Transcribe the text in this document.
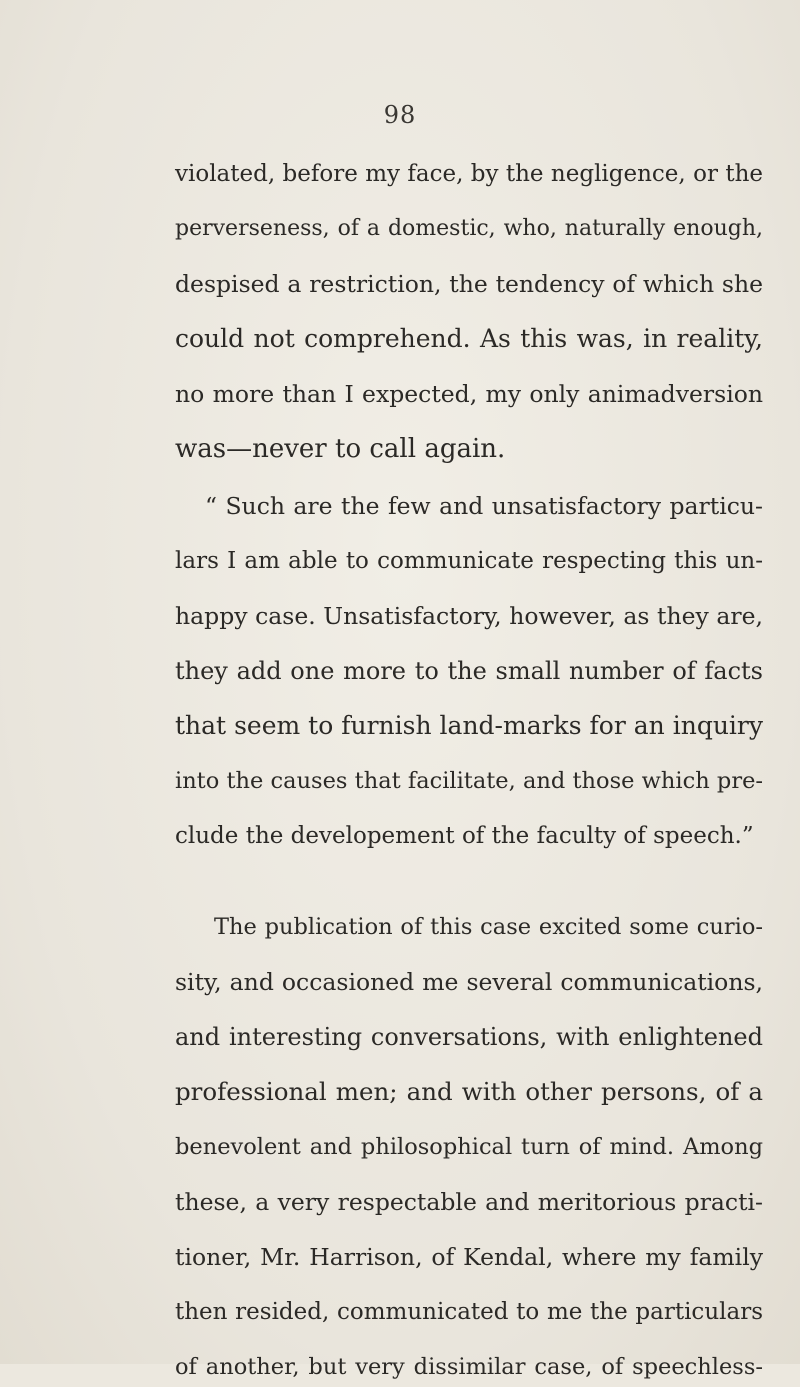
98
violated, before my face, by the negligence, or the
perverseness, of a domestic, who, naturally enough,
despised a restriction, the tendency of which she
could not comprehend. As this was, in reality,
no more than I expected, my only animadversion
was—never to call again.
“ Such are the few and unsatisfactory particu-
lars I am able to communicate respecting this un-
happy case. Unsatisfactory, however, as they are,
they add one more to the small number of facts
that seem to furnish land-marks for an inquiry
into the causes that facilitate, and those which pre-
clude the developement of the faculty of speech.”
The publication of this case excited some curio-
sity, and occasioned me several communications,
and interesting conversations, with enlightened
professional men; and with other persons, of a
benevolent and philosophical turn of mind. Among
these, a very respectable and meritorious practi-
tioner, Mr. Harrison, of Kendal, where my family
then resided, communicated to me the particulars
of another, but very dissimilar case, of speechless-
